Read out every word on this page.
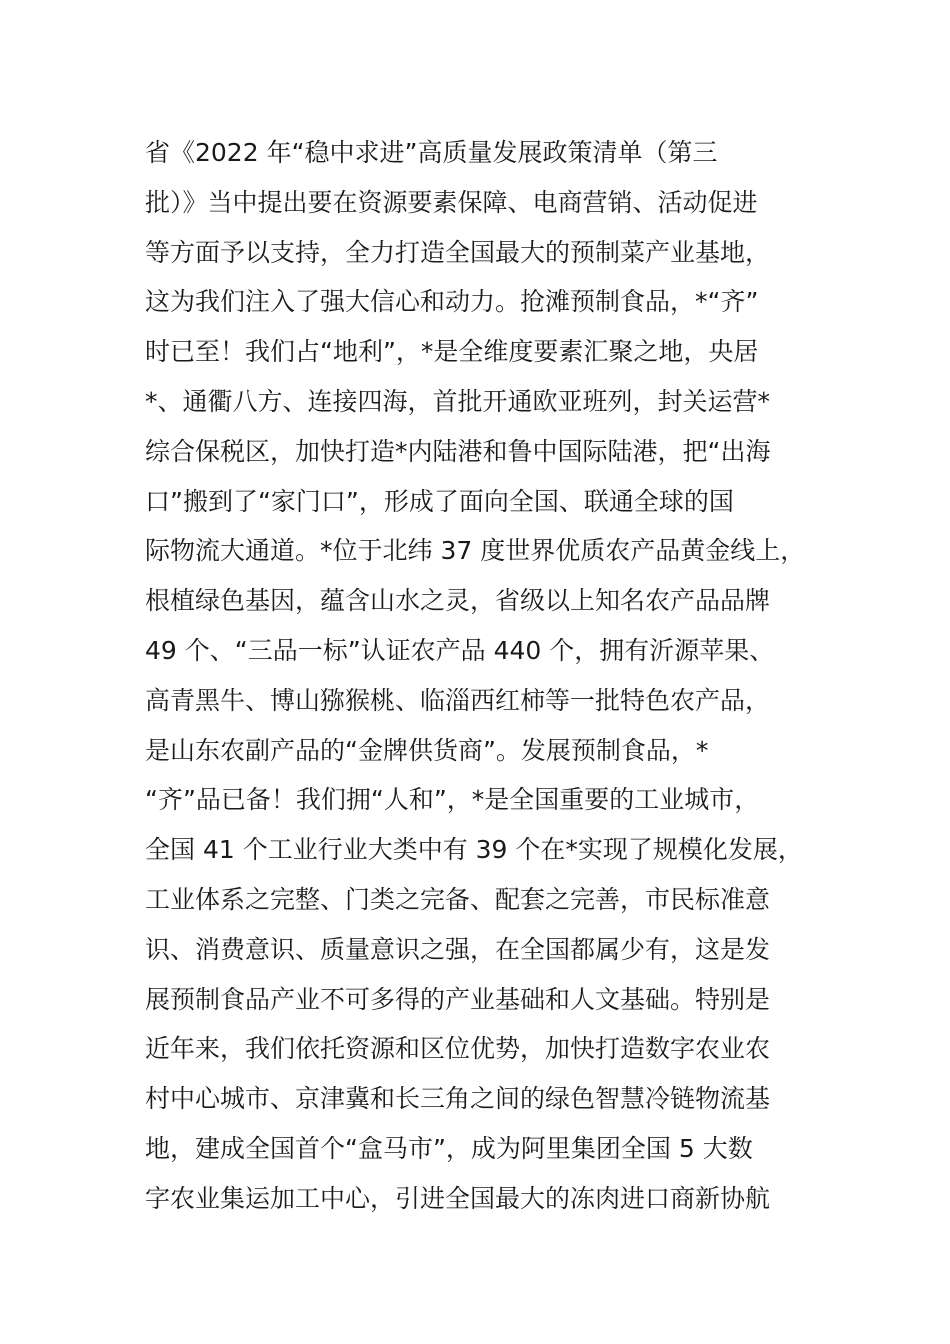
省《2022 年“稳中求进”高质量发展政策清单（第三
批）》当中提出要在资源要素保障、电商营销、活动促进
等方面予以支持，全力打造全国最大的预制菜产业基地，
这为我们注入了强大信心和动力。抢滩预制食品，*“齐”
时已至！我们占“地利”，*是全维度要素汇聚之地，央居
*、通衢八方、连接四海，首批开通欧亚班列，封关运营*
综合保税区，加快打造*内陆港和鲁中国际陆港，把“出海
口”搬到了“家门口”，形成了面向全国、联通全球的国
际物流大通道。*位于北纬 37 度世界优质农产品黄金线上，
根植绿色基因，蕴含山水之灵，省级以上知名农产品品牌
49 个、“三品一标”认证农产品 440 个，拥有沂源苹果、
高青黑牛、博山猕猴桃、临淄西红柿等一批特色农产品，
是山东农副产品的“金牌供货商”。发展预制食品，*
“齐”品已备！我们拥“人和”，*是全国重要的工业城市，
全国 41 个工业行业大类中有 39 个在*实现了规模化发展，
工业体系之完整、门类之完备、配套之完善，市民标准意
识、消费意识、质量意识之强，在全国都属少有，这是发
展预制食品产业不可多得的产业基础和人文基础。特别是
近年来，我们依托资源和区位优势，加快打造数字农业农
村中心城市、京津冀和长三角之间的绿色智慧冷链物流基
地，建成全国首个“盒马市”，成为阿里集团全国 5 大数
字农业集运加工中心，引进全国最大的冻肉进口商新协航
